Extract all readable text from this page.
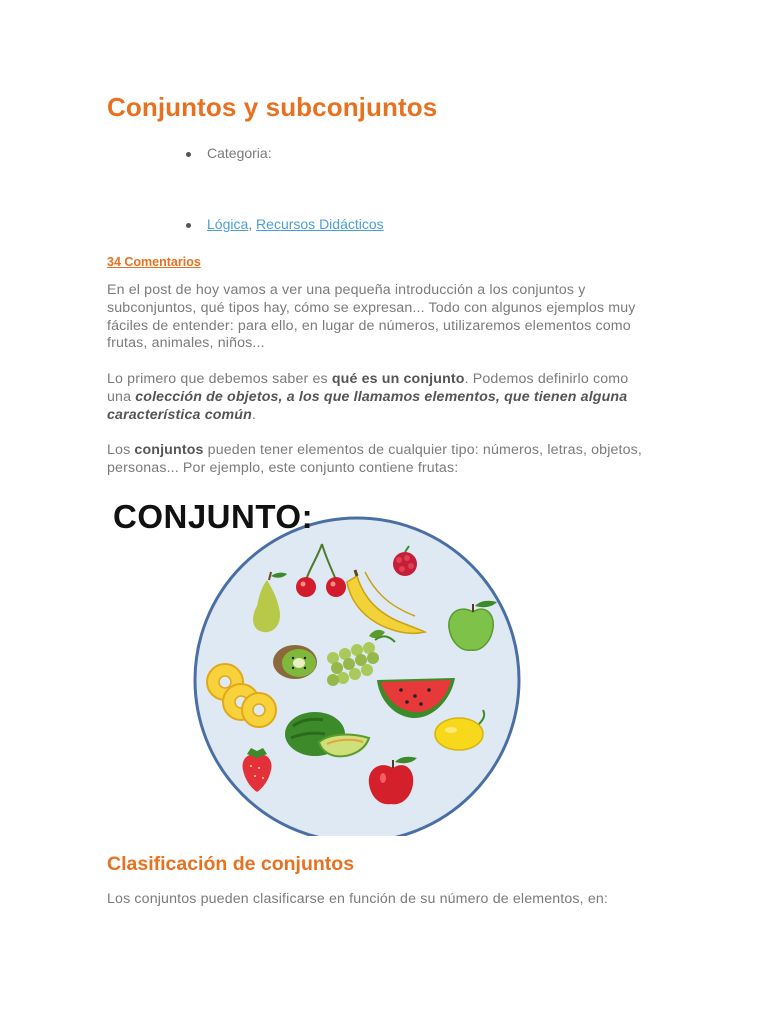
Conjuntos y subconjuntos
Categoria:
Lógica, Recursos Didácticos
34 Comentarios

En el post de hoy vamos a ver una pequeña introducción a los conjuntos y subconjuntos, qué tipos hay, cómo se expresan... Todo con algunos ejemplos muy fáciles de entender: para ello, en lugar de números, utilizaremos elementos como frutas, animales, niños...

Lo primero que debemos saber es qué es un conjunto. Podemos definirlo como una colección de objetos, a los que llamamos elementos, que tienen alguna característica común.

Los conjuntos pueden tener elementos de cualquier tipo: números, letras, objetos, personas... Por ejemplo, este conjunto contiene frutas:

CONJUNTO:
Clasificación de conjuntos

Los conjuntos pueden clasificarse en función de su número de elementos, en:
